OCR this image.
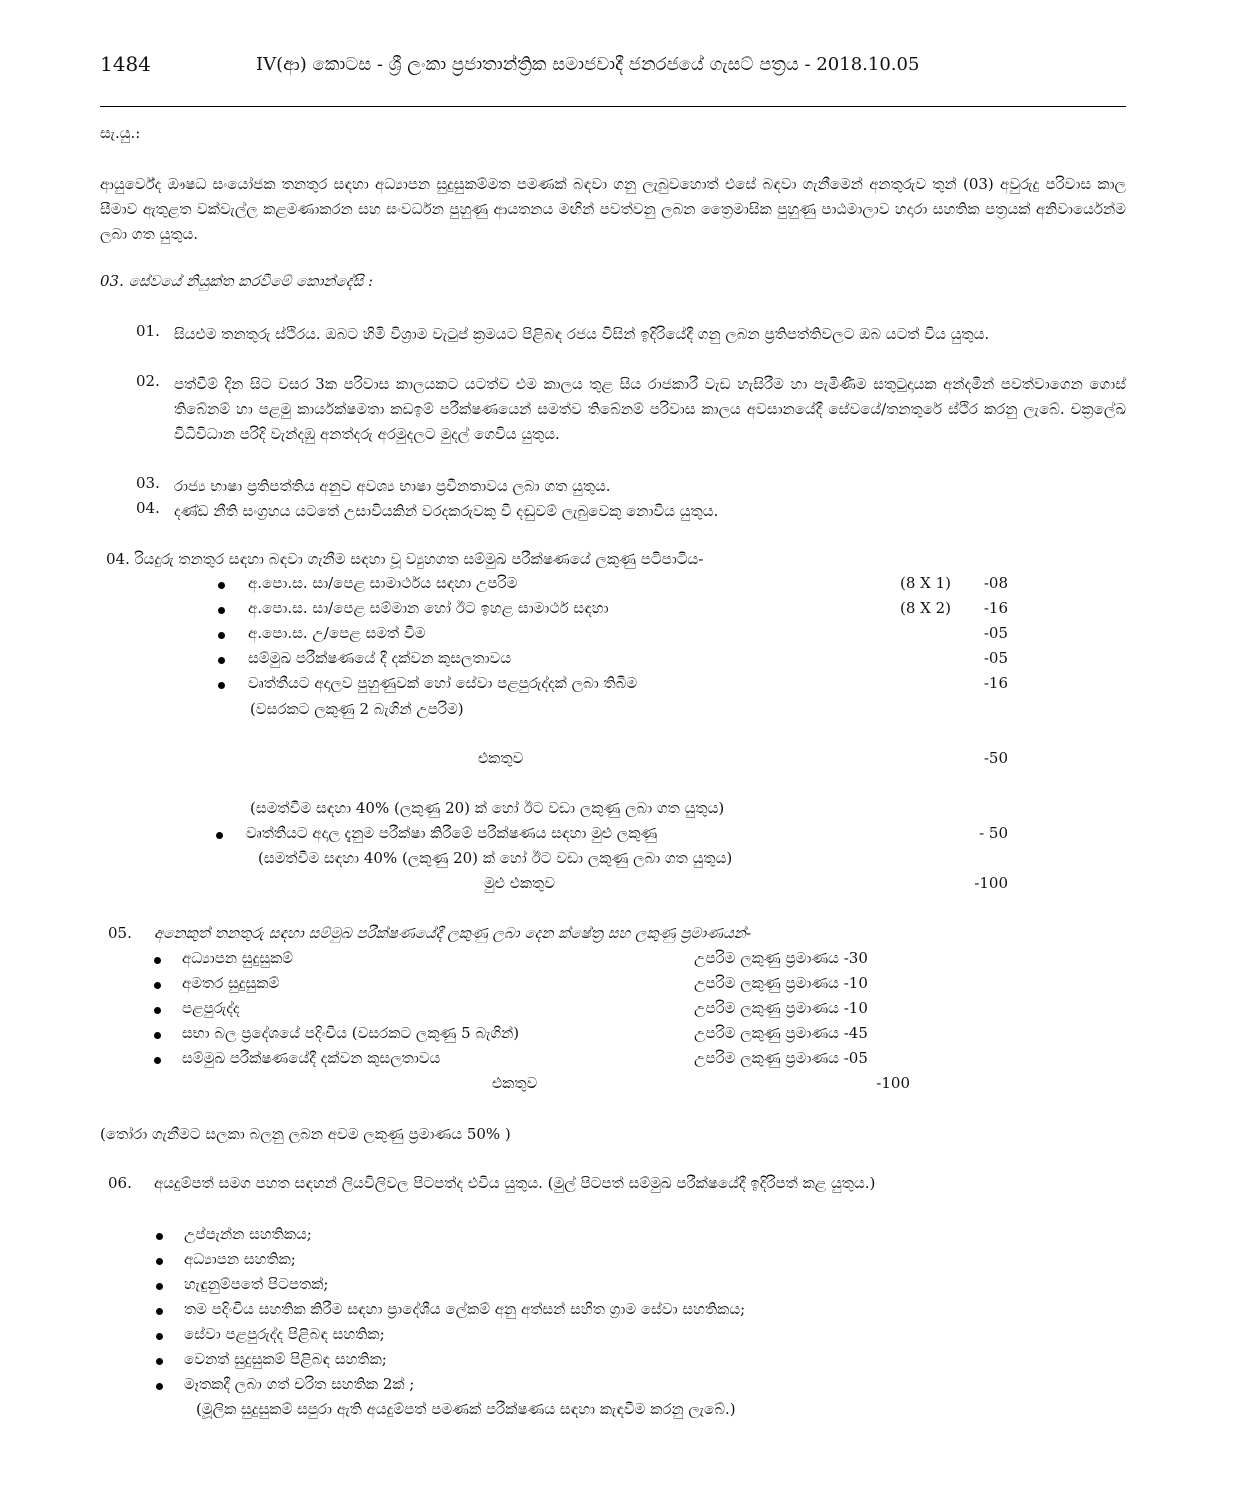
1484	IV(ආ) කොටස - ශ්‍රී ලංකා ප්‍රජාතාන්ත්‍රික සමාජවාදී ජනරජයේ ගැසට් පත්‍රය - 2018.10.05
සැ.යු.:
ආයුර්වේද ඖෂධ සංයෝජක තනතුර සඳහා අධ්‍යාපන සුදුසුකම්මත පමණක් බඳවා ගනු ලැබුවහොත් එසේ බඳවා ගැනීමෙන් අනතුරුව තුන් (03) අවුරුදු පරිවාස කාල සීමාව ඇතුළත වක්වැල්ල කළමණාකරන සහ සංවර්ධන පුහුණු ආයතනය මඟින් පවත්වනු ලබන ත්‍රෛමාසික පුහුණු පාඨමාලාව හදාරා සහතික පත්‍රයක් අනිවාර්යෙන්ම ලබා ගත යුතුය.
03. සේවයේ නියුක්ත කරවීමේ කොන්දේසි :
01. සියළුම තනතුරු ස්ථිරය. ඔබට හිමි විශ්‍රාම වැටුප් ක්‍රමයට පිළිබඳ රජය විසින් ඉදිරියේදී ගනු ලබන ප්‍රතිපත්තිවලට ඔබ යටත් විය යුතුය.
02. පත්වීම් දින සිට වසර 3ක පරිවාස කාලයකට යටත්ව එම කාලය තුළ සිය රාජකාරී වැඩ හැසිරීම හා පැමිණීම සතුටුදායක අන්දමින් පවත්වාගෙන ගොස් තිබේනම් හා පළමු කාර්යක්ෂමතා කඩඉම් පරීක්ෂණයෙන් සමත්ව තිබේනම් පරිවාස කාලය අවසානයේදී සේවයේ/තනතුරේ ස්ථිර කරනු ලැබේ. චක්‍රලේඛ විධිවිධාන පරිදි වැන්දඹු අනත්දරු අරමුදලට මුදල් ගෙවිය යුතුය.
03. රාජ්‍ය භාෂා ප්‍රතිපත්තිය අනුව අවශ්‍ය භාෂා ප්‍රවීනතාවය ලබා ගත යුතුය.
04. දණ්ඩ නීති සංග්‍රහය යටතේ උසාවියකින් වරදකරුවකු වී දඬුවම් ලැබුවෙකු නොවිය යුතුය.
04. රියදුරු තනතුර සඳහා බඳවා ගැනීම සඳහා වූ ව්‍යුහගත සම්මුඛ පරීක්ෂණයේ ලකුණු පටිපාටිය-
අ.පො.ස. සා/පෙළ සාමාර්ථය සඳහා උපරිම	(8 X 1)	-08
අ.පො.ස. සා/පෙළ සම්මාන හෝ ඊට ඉහළ සාමාර්ථ සඳහා	(8 X 2)	-16
අ.පො.ස. උ/පෙළ සමත් වීම	-05
සම්මුඛ පරීක්ෂණයේ දී දක්වන කුසලතාවය	-05
වෘත්තීයට අදාලව පුහුණුවක් හෝ සේවා පළපුරුද්දක් ලබා තිබීම	-16
(වසරකට ලකුණු 2 බැගින් උපරිම)
එකතුව	-50
(සමත්වීම සඳහා 40% (ලකුණු 20) ක් හෝ ඊට වඩා ලකුණු ලබා ගත යුතුය)
වෘත්තීයට අදාල දැනුම පරීක්ෂා කිරීමේ පරීක්ෂණය සඳහා මුළු ලකුණු	- 50
(සමත්වීම සඳහා 40% (ලකුණු 20) ක් හෝ ඊට වඩා ලකුණු ලබා ගත යුතුය)
මුළු එකතුව	-100
05. අනෙකුත් තනතුරු සඳහා සම්මුඛ පරීක්ෂණයේදී ලකුණු ලබා දෙන ක්ෂේත්‍ර සහ ලකුණු ප්‍රමාණයන්-
අධ්‍යාපන සුදුසුකම්	උපරිම ලකුණු ප්‍රමාණය -30
අමතර සුදුසුකම්	උපරිම ලකුණු ප්‍රමාණය -10
පළපුරුද්ද	උපරිම ලකුණු ප්‍රමාණය -10
සභා බල ප්‍රදේශයේ පදිංචිය (වසරකට ලකුණු 5 බැගින්)	උපරිම ලකුණු ප්‍රමාණය -45
සම්මුඛ පරීක්ෂණයේදී දක්වන කුසලතාවය	උපරිම ලකුණු ප්‍රමාණය -05
එකතුව	-100
(තෝරා ගැනීමට සලකා බලනු ලබන අවම ලකුණු ප්‍රමාණය 50% )
06. අයදුම්පත් සමග පහත සඳහන් ලියවිලිවල පිටපත්ද එවිය යුතුය. (මුල් පිටපත් සම්මුඛ පරීක්ෂයේදී ඉදිරිපත් කළ යුතුය.)
උප්පැන්න සහතිකය;
අධ්‍යාපන සහතික;
හැඳුනුම්පතේ පිටපතක්;
තම පදිංචිය සහතික කිරීම සඳහා ප්‍රාදේශීය ලේකම් අනු අත්සන් සහිත ග්‍රාම සේවා සහතිකය;
සේවා පළපුරුද්ද පිළිබඳ සහතික;
වෙනත් සුදුසුකම් පිළිබඳ සහතික;
මෑතකදී ලබා ගත් චරිත සහතික 2ක් ;
(මූලික සුදුසුකම් සපුරා ඇති අයදුම්පත් පමණක් පරීක්ෂණය සඳහා කැඳවීම කරනු ලැබේ.)
